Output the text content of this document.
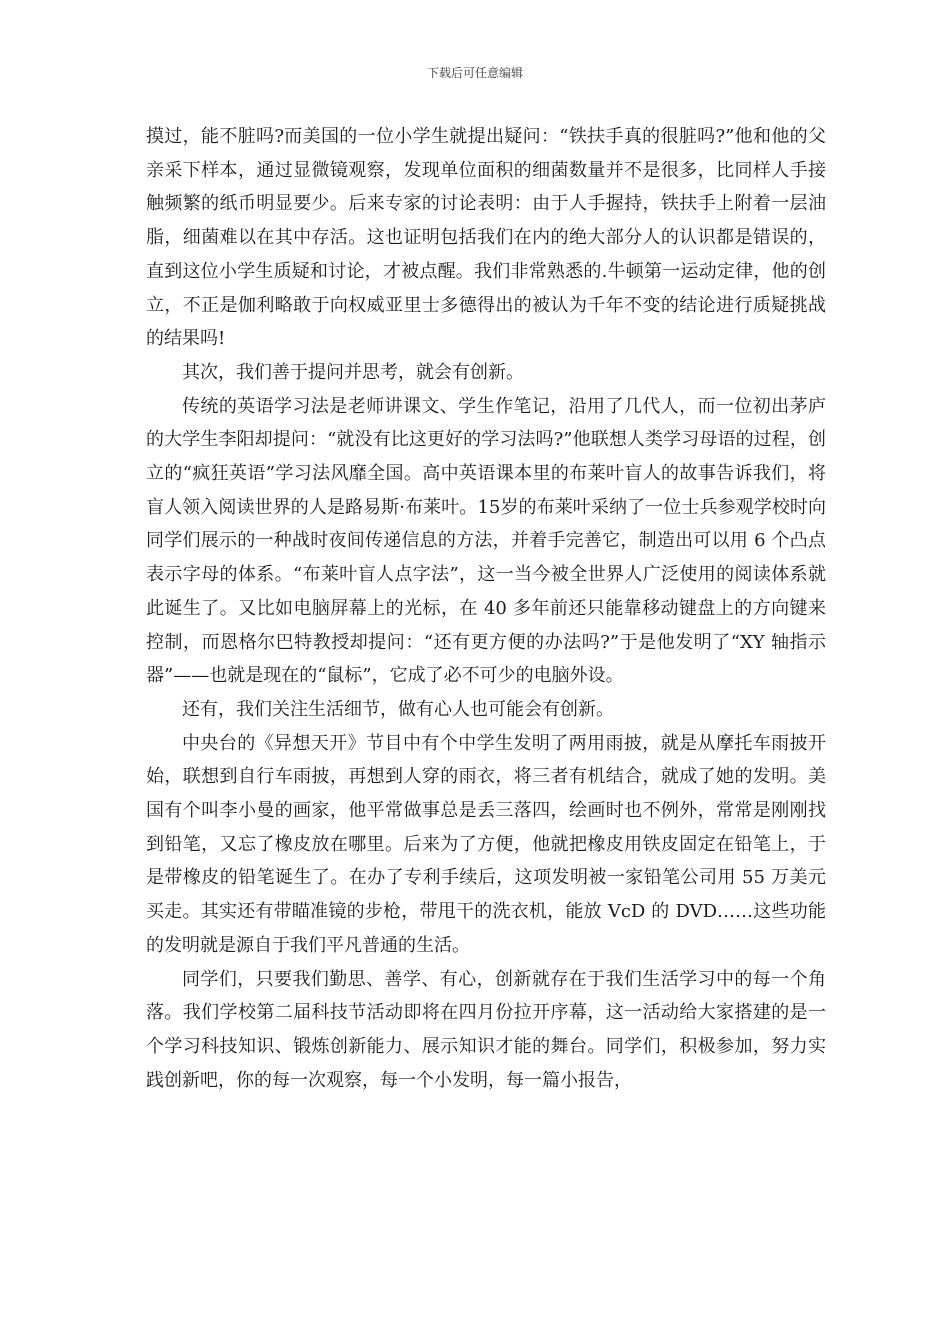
下载后可任意编辑

摸过，能不脏吗?而美国的一位小学生就提出疑问：“铁扶手真的很脏吗?”他和他的父亲采下样本，通过显微镜观察，发现单位面积的细菌数量并不是很多，比同样人手接触频繁的纸币明显要少。后来专家的讨论表明：由于人手握持，铁扶手上附着一层油脂，细菌难以在其中存活。这也证明包括我们在内的绝大部分人的认识都是错误的，直到这位小学生质疑和讨论，才被点醒。我们非常熟悉的.牛顿第一运动定律，他的创立，不正是伽利略敢于向权威亚里士多德得出的被认为千年不变的结论进行质疑挑战的结果吗!

其次，我们善于提问并思考，就会有创新。

传统的英语学习法是老师讲课文、学生作笔记，沿用了几代人，而一位初出茅庐的大学生李阳却提问：“就没有比这更好的学习法吗?”他联想人类学习母语的过程，创立的“疯狂英语”学习法风靡全国。高中英语课本里的布莱叶盲人的故事告诉我们，将盲人领入阅读世界的人是路易斯·布莱叶。15岁的布莱叶采纳了一位士兵参观学校时向同学们展示的一种战时夜间传递信息的方法，并着手完善它，制造出可以用 6 个凸点表示字母的体系。“布莱叶盲人点字法”，这一当今被全世界人广泛使用的阅读体系就此诞生了。又比如电脑屏幕上的光标，在 40 多年前还只能靠移动键盘上的方向键来控制，而恩格尔巴特教授却提问：“还有更方便的办法吗?”于是他发明了“XY 轴指示器”——也就是现在的“鼠标”，它成了必不可少的电脑外设。

还有，我们关注生活细节，做有心人也可能会有创新。

中央台的《异想天开》节目中有个中学生发明了两用雨披，就是从摩托车雨披开始，联想到自行车雨披，再想到人穿的雨衣，将三者有机结合，就成了她的发明。美国有个叫李小曼的画家，他平常做事总是丢三落四，绘画时也不例外，常常是刚刚找到铅笔，又忘了橡皮放在哪里。后来为了方便，他就把橡皮用铁皮固定在铅笔上，于是带橡皮的铅笔诞生了。在办了专利手续后，这项发明被一家铅笔公司用 55 万美元买走。其实还有带瞄准镜的步枪，带甩干的洗衣机，能放 VcD 的 DVD……这些功能的发明就是源自于我们平凡普通的生活。

同学们，只要我们勤思、善学、有心，创新就存在于我们生活学习中的每一个角落。我们学校第二届科技节活动即将在四月份拉开序幕，这一活动给大家搭建的是一个学习科技知识、锻炼创新能力、展示知识才能的舞台。同学们，积极参加，努力实践创新吧，你的每一次观察，每一个小发明，每一篇小报告，
